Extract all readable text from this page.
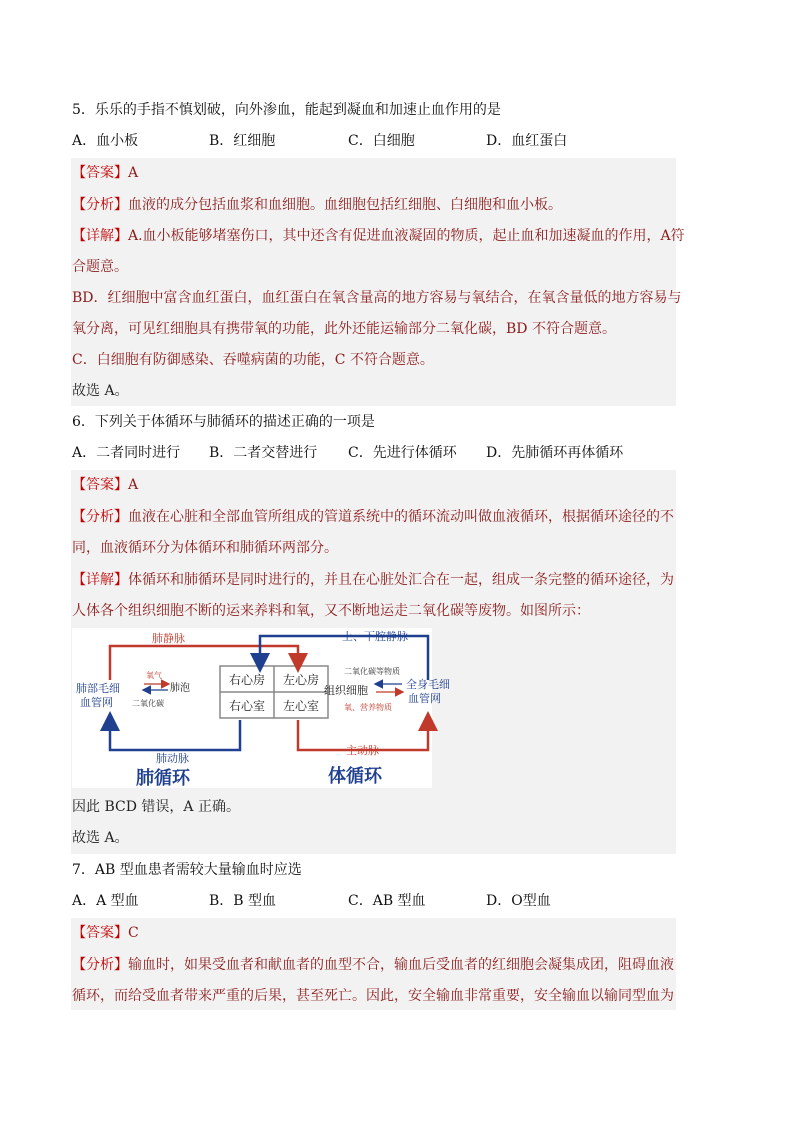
5．乐乐的手指不慎划破，向外渗血，能起到凝血和加速止血作用的是
A．血小板	B．红细胞	C．白细胞	D．血红蛋白
【答案】A
【分析】血液的成分包括血浆和血细胞。血细胞包括红细胞、白细胞和血小板。
【详解】A.血小板能够堵塞伤口，其中还含有促进血液凝固的物质，起止血和加速凝血的作用，A符
合题意。
BD．红细胞中富含血红蛋白，血红蛋白在氧含量高的地方容易与氧结合，在氧含量低的地方容易与
氧分离，可见红细胞具有携带氧的功能，此外还能运输部分二氧化碳，BD 不符合题意。
C．白细胞有防御感染、吞噬病菌的功能，C 不符合题意。
故选 A。
6．下列关于体循环与肺循环的描述正确的一项是
A．二者同时进行 B．二者交替进行 C．先进行体循环 D．先肺循环再体循环
【答案】A
【分析】血液在心脏和全部血管所组成的管道系统中的循环流动叫做血液循环，根据循环途径的不
同，血液循环分为体循环和肺循环两部分。
【详解】体循环和肺循环是同时进行的，并且在心脏处汇合在一起，组成一条完整的循环途径，为
人体各个组织细胞不断的运来养料和氧，又不断地运走二氧化碳等废物。如图所示：
因此 BCD 错误，A 正确。
故选 A。
右心房 左心房
右心室 左心室
肺静脉	上、下腔静脉
肺部毛细
血管网
氧气
肺泡
二氧化碳
肺动脉
主动脉
二氧化碳等物质
组织细胞	全身毛细
血管网
氧、营养物质
肺循环	体循环
7．AB 型血患者需较大量输血时应选
A．A 型血	B．B 型血	C．AB 型血	D．O型血
【答案】C
【分析】输血时，如果受血者和献血者的血型不合，输血后受血者的红细胞会凝集成团，阻碍血液
循环，而给受血者带来严重的后果，甚至死亡。因此，安全输血非常重要，安全输血以输同型血为
